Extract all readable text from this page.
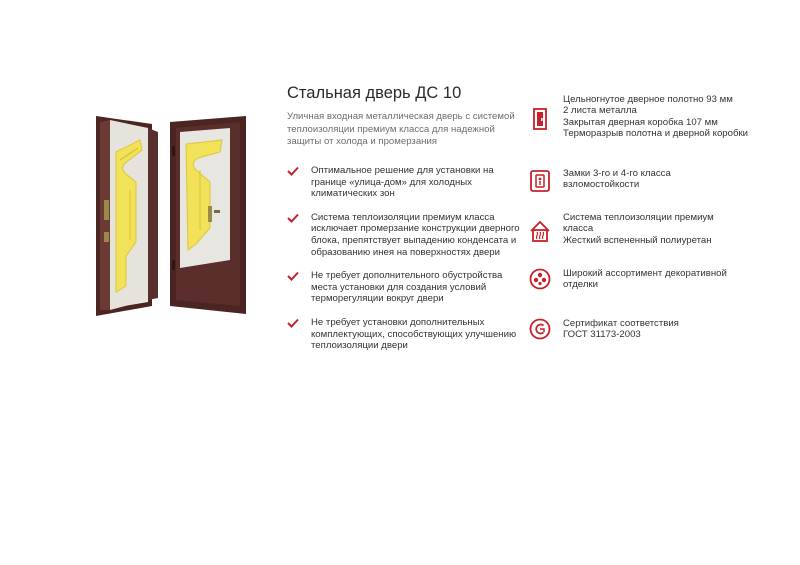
Стальная дверь ДС 10
Уличная входная металлическая дверь с системой теплоизоляции премиум класса для надежной защиты от холода и промерзания
Оптимальное решение для установки на границе «улица-дом» для холодных климатических зон
Система теплоизоляции премиум класса исключает промерзание конструкции дверного блока, препятствует выпадению конденсата и образованию инея на поверхностях двери
Не требует дополнительного обустройства места установки для создания условий терморегуляции вокруг двери
Не требует установки дополнительных комплектующих, способствующих улучшению теплоизоляции двери
Цельногнутое дверное полотно 93 мм
2 листа металла
Закрытая дверная коробка 107 мм
Терморазрыв полотна и дверной коробки
Замки 3-го и 4-го класса
взломостойкости
Система теплоизоляции премиум
класса
Жесткий вспененный полиуретан
Широкий ассортимент декоративной
отделки
Сертификат соответствия
ГОСТ 31173-2003
